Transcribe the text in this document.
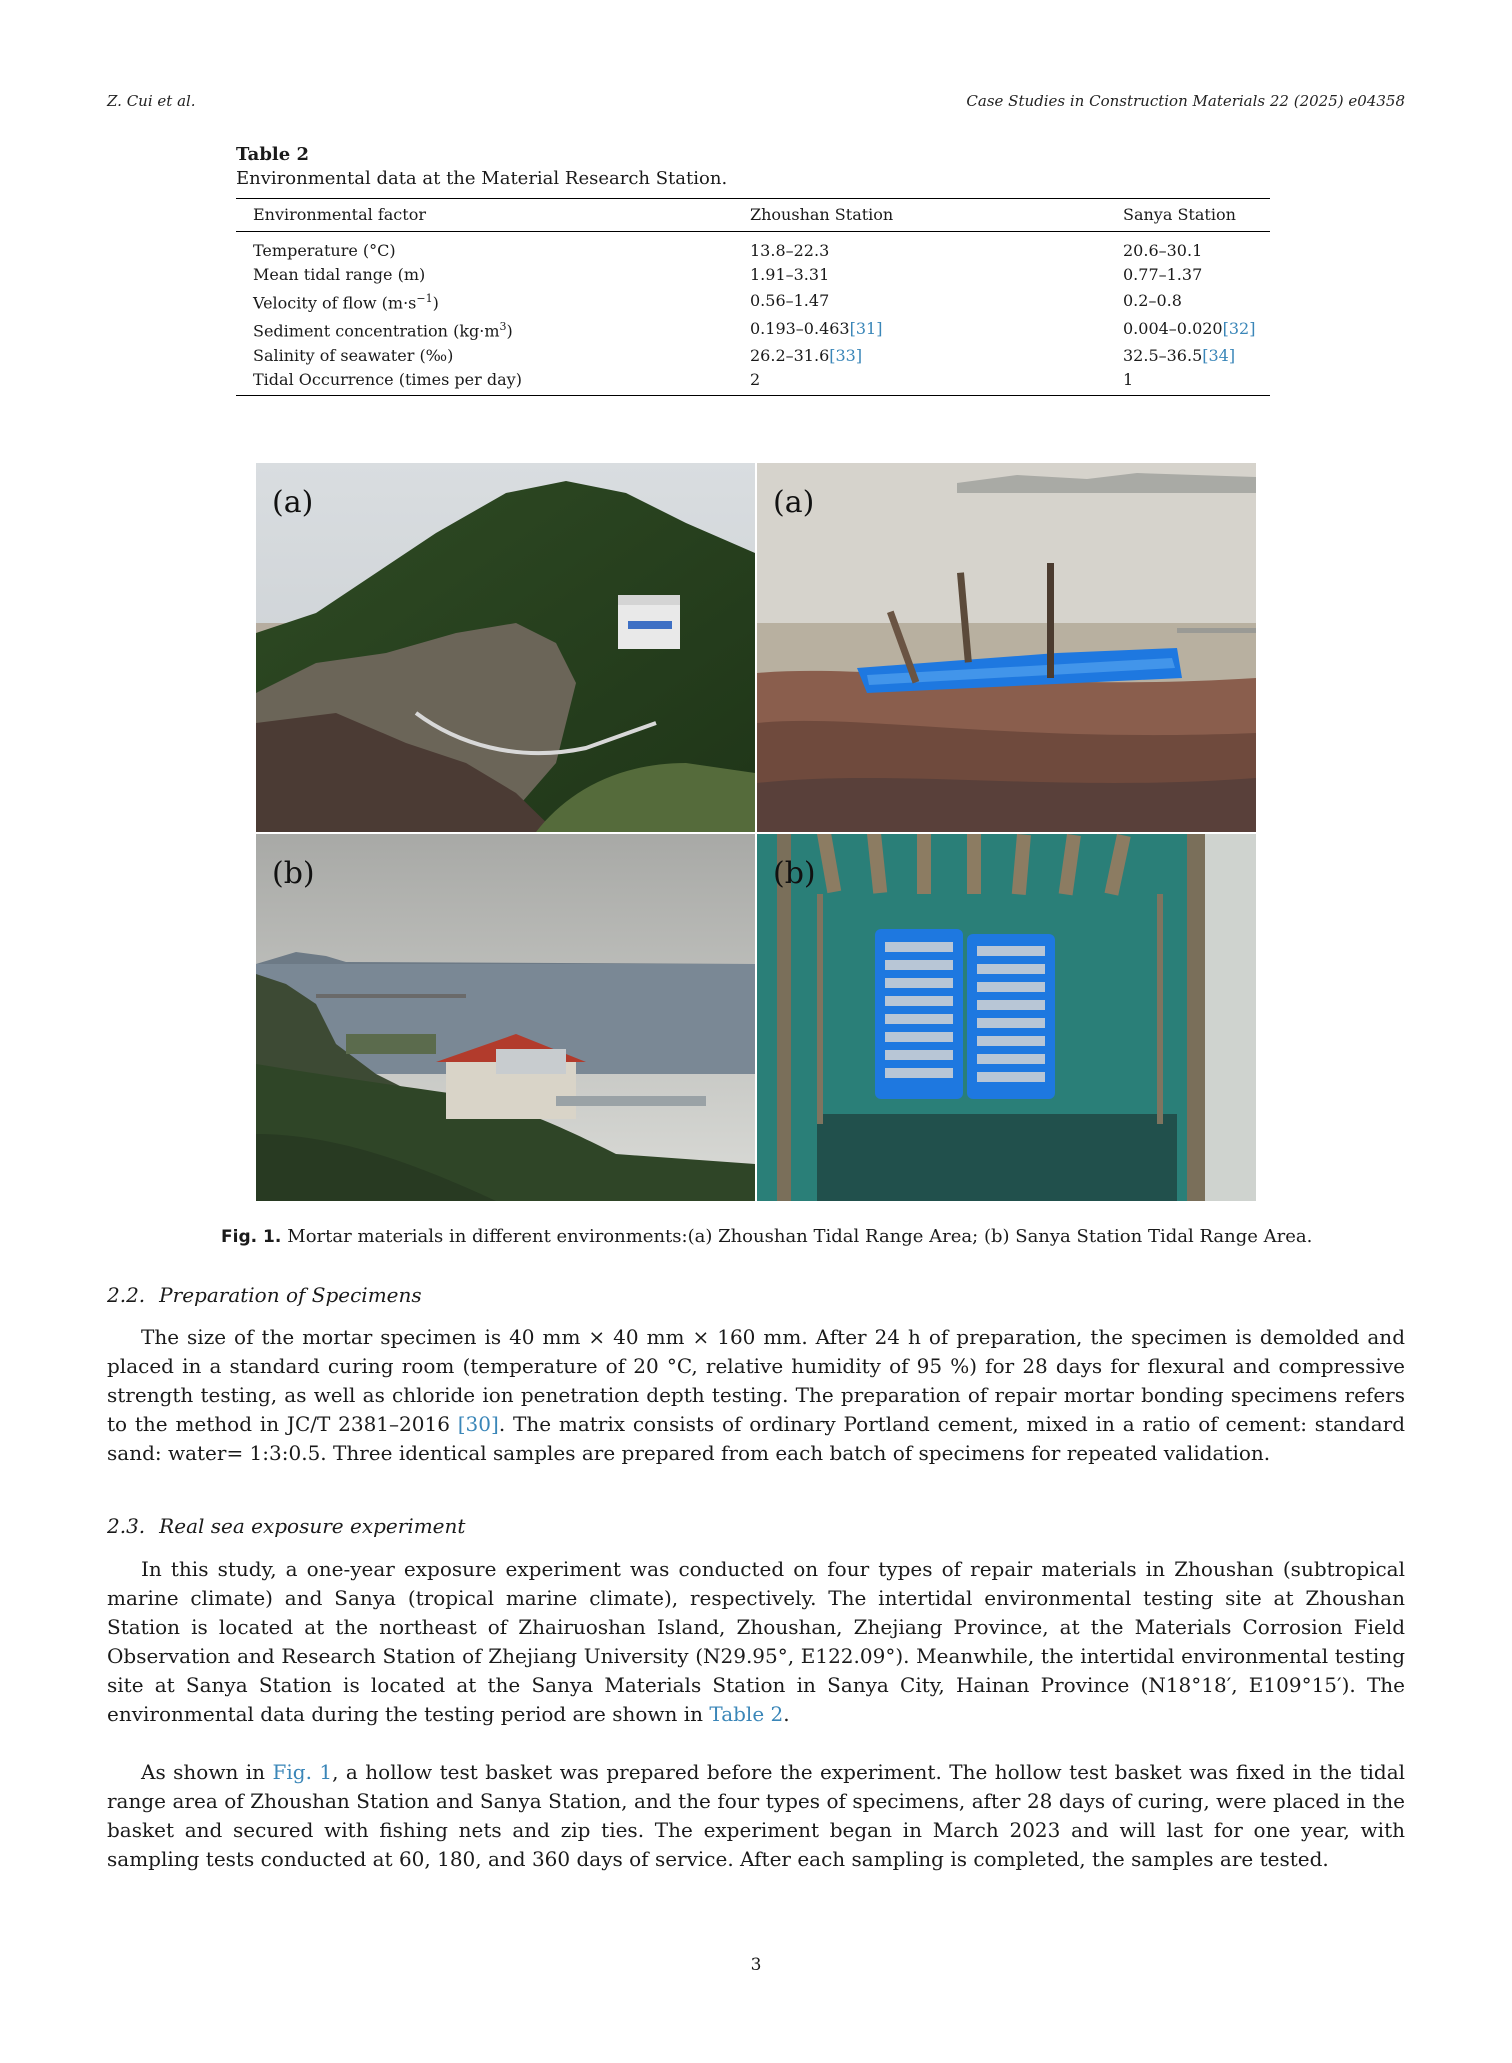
Z. Cui et al.	Case Studies in Construction Materials 22 (2025) e04358
Table 2
Environmental data at the Material Research Station.
Environmental factor	Zhoushan Station	Sanya Station
Temperature (°C)	13.8–22.3	20.6–30.1
Mean tidal range (m)	1.91–3.31	0.77–1.37
Velocity of flow $(m\cdot s^{-1})$	0.56–1.47	0.2–0.8
Sediment concentration $(kg\cdot m^3)$	0.193–0.463[31]	0.004–0.020[32]
Salinity of seawater (‰)	26.2–31.6[33]	32.5–36.5[34]
Tidal Occurrence (times per day)	2	1
(a)	(a)
(b)	(b)
Fig. 1. Mortar materials in different environments:(a) Zhoushan Tidal Range Area; (b) Sanya Station Tidal Range Area.
2.2. Preparation of Specimens

The size of the mortar specimen is 40 mm × 40 mm × 160 mm. After 24 h of preparation, the specimen is demolded and placed in a standard curing room (temperature of 20 °C, relative humidity of 95 %) for 28 days for flexural and compressive strength testing, as well as chloride ion penetration depth testing. The preparation of repair mortar bonding specimens refers to the method in JC/T 2381–2016 [30]. The matrix consists of ordinary Portland cement, mixed in a ratio of cement: standard sand: water= 1:3:0.5. Three identical samples are prepared from each batch of specimens for repeated validation.

2.3. Real sea exposure experiment

In this study, a one-year exposure experiment was conducted on four types of repair materials in Zhoushan (subtropical marine climate) and Sanya (tropical marine climate), respectively. The intertidal environmental testing site at Zhoushan Station is located at the northeast of Zhairuoshan Island, Zhoushan, Zhejiang Province, at the Materials Corrosion Field Observation and Research Station of Zhejiang University (N29.95°, E122.09°). Meanwhile, the intertidal environmental testing site at Sanya Station is located at the Sanya Materials Station in Sanya City, Hainan Province (N18°18′, E109°15′). The environmental data during the testing period are shown in Table 2.

As shown in Fig. 1, a hollow test basket was prepared before the experiment. The hollow test basket was fixed in the tidal range area of Zhoushan Station and Sanya Station, and the four types of specimens, after 28 days of curing, were placed in the basket and secured with fishing nets and zip ties. The experiment began in March 2023 and will last for one year, with sampling tests conducted at 60, 180, and 360 days of service. After each sampling is completed, the samples are tested.

3
